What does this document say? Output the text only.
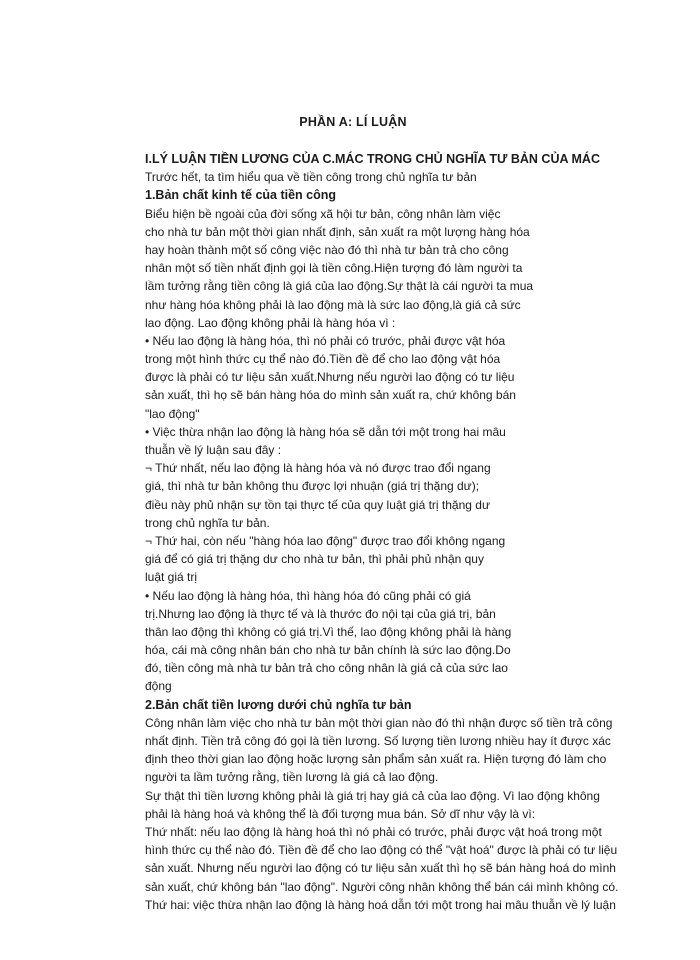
PHẦN A: LÍ LUẬN
I.LÝ LUẬN TIỀN LƯƠNG CỦA C.MÁC TRONG CHỦ NGHĨA TƯ BẢN CỦA MÁC
Trước hết, ta tìm hiểu qua về tiền công trong chủ nghĩa tư bản
1.Bản chất kinh tế của tiền công
Biểu hiện bề ngoài của đời sống xã hội tư bản, công nhân làm việc
cho nhà tư bản một thời gian nhất định, sản xuất ra một lượng hàng hóa
hay hoàn thành một số công việc nào đó thì nhà tư bản trả cho công
nhân một số tiền nhất định gọi là tiền công.Hiện tượng đó làm người ta
lầm tưởng rằng tiền công là giá của lao động.Sự thật là cái người ta mua
như hàng hóa không phải là lao động mà là sức lao động,là giá cả sức
lao động. Lao động không phải là hàng hóa vì :
• Nếu lao động là hàng hóa, thì nó phải có trước, phải được vật hóa
trong một hình thức cụ thể nào đó.Tiền đề để cho lao động vật hóa
được là phải có tư liệu sản xuất.Nhưng nếu người lao động có tư liệu
sản xuất, thì họ sẽ bán hàng hóa do mình sản xuất ra, chứ không bán
"lao động"
• Việc thừa nhận lao động là hàng hóa sẽ dẫn tới một trong hai mâu
thuẫn về lý luận sau đây :
¬ Thứ nhất, nếu lao động là hàng hóa và nó được trao đổi ngang
giá, thì nhà tư bản không thu được lợi nhuận (giá trị thặng dư);
điều này phủ nhận sự tồn tại thực tế của quy luật giá trị thặng dư
trong chủ nghĩa tư bản.
¬ Thứ hai, còn nếu "hàng hóa lao động" được trao đổi không ngang
giá để có giá trị thặng dư cho nhà tư bản, thì phải phủ nhận quy
luật giá trị
• Nếu lao động là hàng hóa, thì hàng hóa đó cũng phải có giá
trị.Nhưng lao động là thực tế và là thước đo nội tại của giá trị, bản
thân lao động thì không có giá trị.Vì thế, lao động không phải là hàng
hóa, cái mà công nhân bán cho nhà tư bản chính là sức lao động.Do
đó, tiền công mà nhà tư bản trả cho công nhân là giá cả của sức lao
động
2.Bản chất tiền lương dưới chủ nghĩa tư bản
Công nhân làm việc cho nhà tư bản một thời gian nào đó thì nhận được số tiền trả công
nhất định. Tiền trả công đó gọi là tiền lương. Số lượng tiền lương nhiều hay ít được xác
định theo thời gian lao động hoặc lượng sản phẩm sản xuất ra. Hiện tượng đó làm cho
người ta lầm tưởng rằng, tiền lương là giá cả lao động.
Sự thật thì tiền lương không phải là giá trị hay giá cả của lao động. Vì lao động không
phải là hàng hoá và không thể là đối tượng mua bán. Sở dĩ như vậy là vì:
Thứ nhất: nếu lao động là hàng hoá thì nó phải có trước, phải được vật hoá trong một
hình thức cụ thể nào đó. Tiền đề để cho lao động có thể "vật hoá" được là phải có tư liệu
sản xuất. Nhưng nếu người lao động có tư liệu sản xuất thì họ sẽ bán hàng hoá do mình
sản xuất, chứ không bán "lao động". Người công nhân không thể bán cái mình không có.
Thứ hai: việc thừa nhận lao động là hàng hoá dẫn tới một trong hai mâu thuẫn về lý luận
